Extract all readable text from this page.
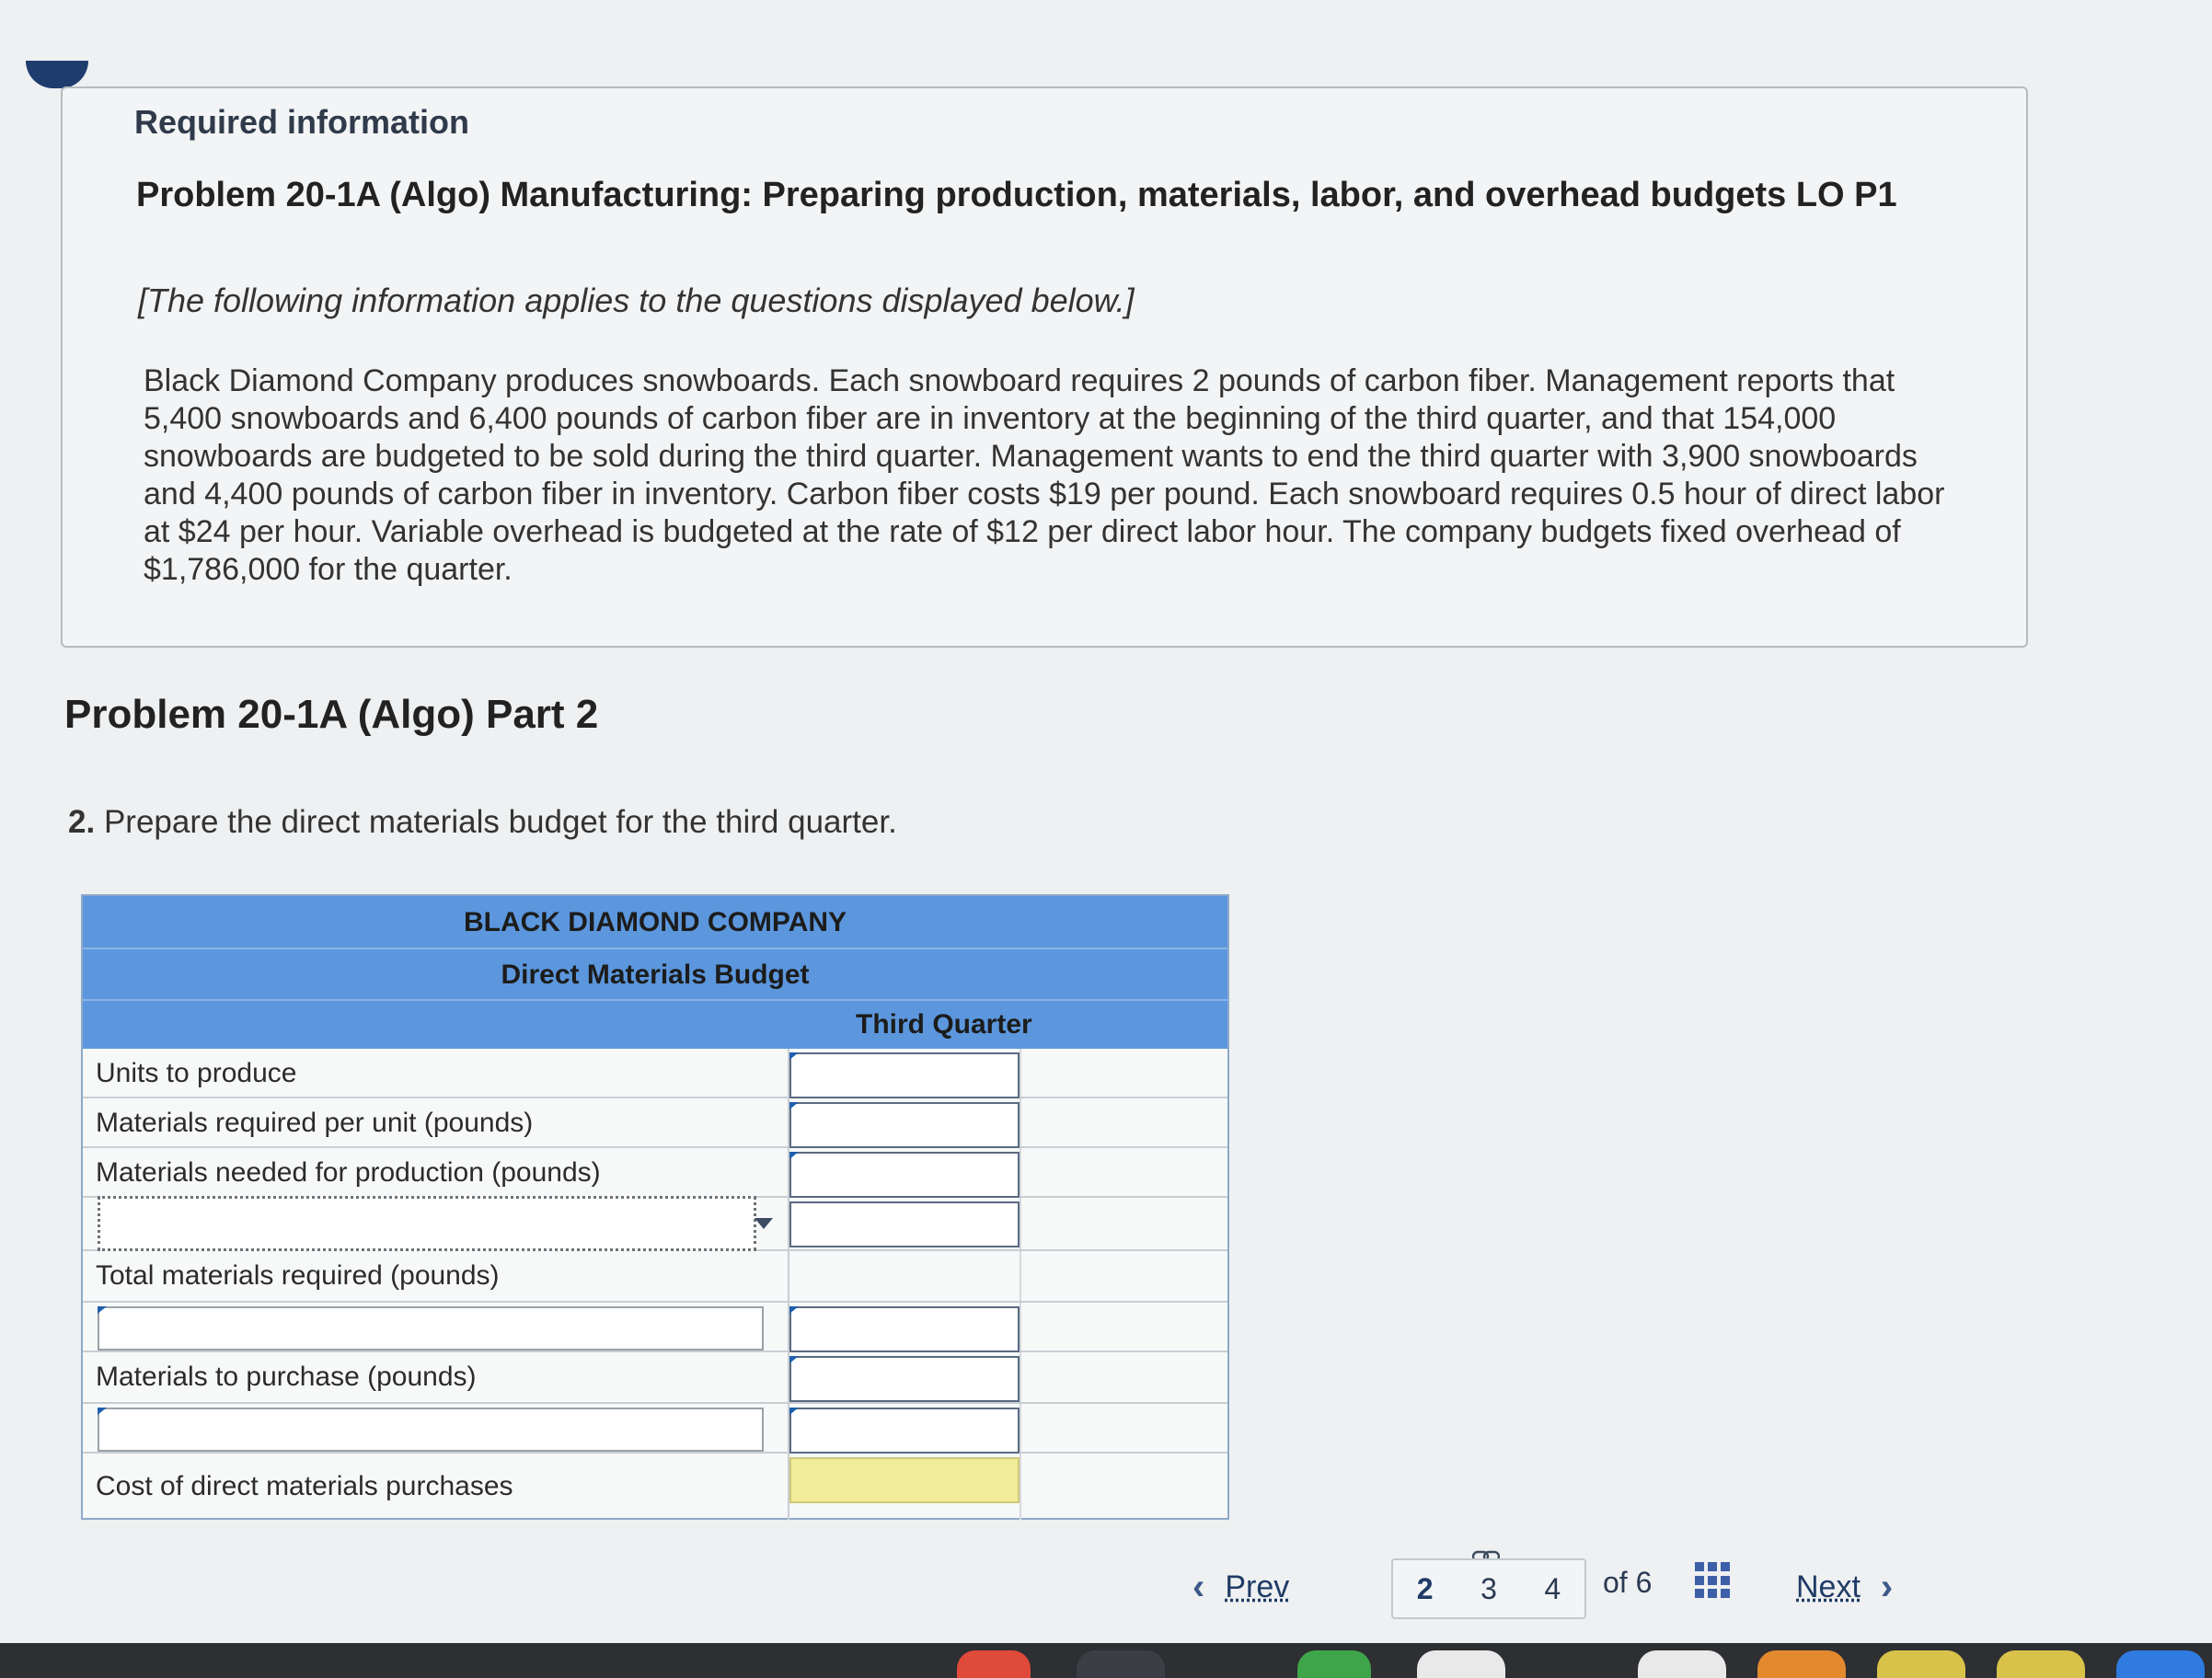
Required information
Problem 20-1A (Algo) Manufacturing: Preparing production, materials, labor, and overhead budgets LO P1
[The following information applies to the questions displayed below.]
Black Diamond Company produces snowboards. Each snowboard requires 2 pounds of carbon fiber. Management reports that 5,400 snowboards and 6,400 pounds of carbon fiber are in inventory at the beginning of the third quarter, and that 154,000 snowboards are budgeted to be sold during the third quarter. Management wants to end the third quarter with 3,900 snowboards and 4,400 pounds of carbon fiber in inventory. Carbon fiber costs $19 per pound. Each snowboard requires 0.5 hour of direct labor at $24 per hour. Variable overhead is budgeted at the rate of $12 per direct labor hour. The company budgets fixed overhead of $1,786,000 for the quarter.
Problem 20-1A (Algo) Part 2
2. Prepare the direct materials budget for the third quarter.
BLACK DIAMOND COMPANY
Direct Materials Budget
Third Quarter
Units to produce
Materials required per unit (pounds)
Materials needed for production (pounds)
Total materials required (pounds)
Materials to purchase (pounds)
Cost of direct materials purchases
‹ Prev	2 3 4 of 6	Next ›
